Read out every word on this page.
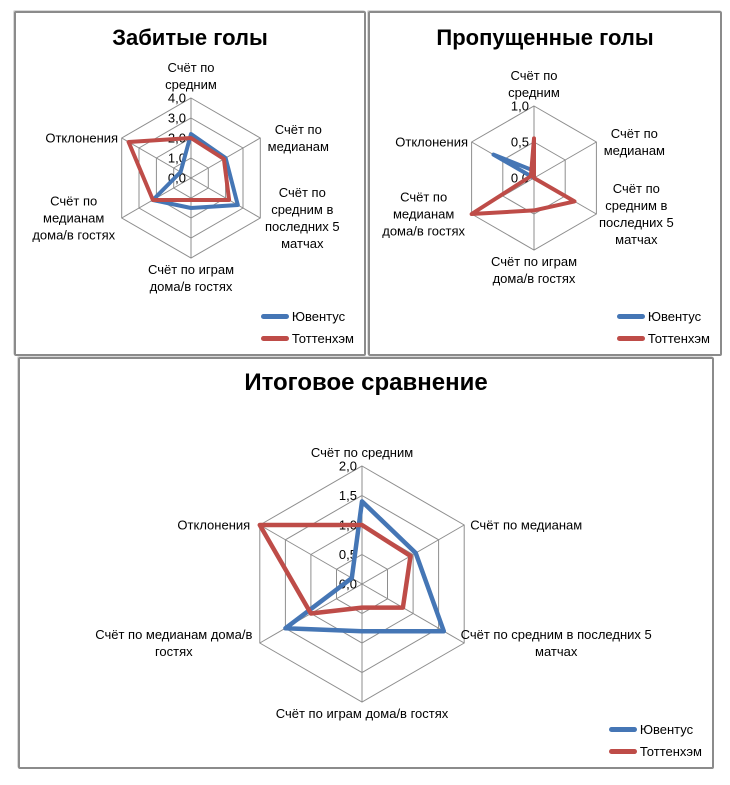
Забитые голы
0,0
1,0
2,0
3,0
4,0
Счёт по
средним
Счёт по
медианам
Счёт по
средним в
последних 5
матчах
Счёт по играм
дома/в гостях
Счёт по
медианам
дома/в гостях
Отклонения
Ювентус
Тоттенхэм
Пропущенные голы
0,0
0,5
1,0
Счёт по
средним
Счёт по
медианам
Счёт по
средним в
последних 5
матчах
Счёт по играм
дома/в гостях
Счёт по
медианам
дома/в гостях
Отклонения
Ювентус
Тоттенхэм
Итоговое сравнение
0,0
0,5
1,0
1,5
2,0
Счёт по средним
Счёт по медианам
Счёт по средним в последних 5
матчах
Счёт по играм дома/в гостях
Счёт по медианам дома/в
гостях
Отклонения
Ювентус
Тоттенхэм
